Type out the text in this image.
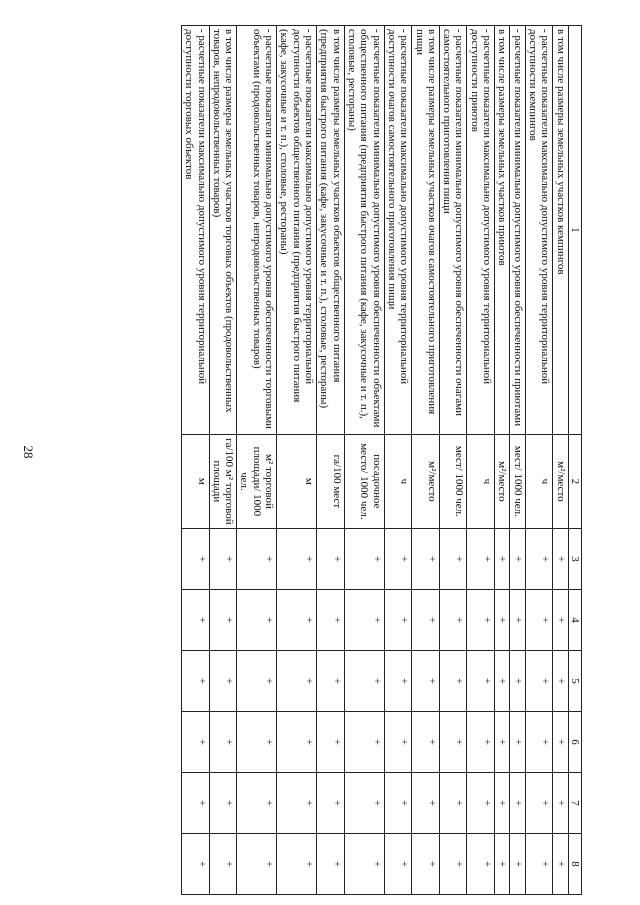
28
1	2	3	4	5	6	7	8
в том числе размеры земельных участков кемпингов	м²/место	+	+	+	+	+	+
- расчетные показатели максимально допустимого уровня территориальной доступности кемпингов	ч	+	+	+	+	+	+
- расчетные показатели минимально допустимого уровня обеспеченности приютами	мест/ 1000 чел.	+	+	+	+	+	+
в том числе размеры земельных участков приютов	м²/место	+	+	+	+	+	+
- расчетные показатели максимально допустимого уровня территориальной доступности приютов	ч	+	+	+	+	+	+
- расчетные показатели минимально допустимого уровня обеспеченности очагами самостоятельного приготовления пищи	мест/ 1000 чел.	+	+	+	+	+	+
в том числе размеры земельных участков очагов самостоятельного приготовления пищи	м²/место	+	+	+	+	+	+
- расчетные показатели максимально допустимого уровня территориальной доступности очагов самостоятельного приготовления пищи	ч	+	+	+	+	+	+
- расчетные показатели минимально допустимого уровня обеспеченности объектами общественного питания (предприятия быстрого питания (кафе, закусочные и т. п.), столовые, рестораны)	посадочное место/ 1000 чел.	+	+	+	+	+	+
в том числе размеры земельных участков объектов общественного питания (предприятия быстрого питания (кафе, закусочные и т. п.), столовые, рестораны)	га/100 мест	+	+	+	+	+	+
- расчетные показатели максимально допустимого уровня территориальной доступности объектов общественного питания (предприятия быстрого питания (кафе, закусочные и т. п.), столовые, рестораны)	м	+	+	+	+	+	+
- расчетные показатели минимально допустимого уровня обеспеченности торговыми объектами (продовольственных товаров, непродовольственных товаров)	м² торговой площади/ 1000 чел.	+	+	+	+	+	+
в том числе размеры земельных участков торговых объектов (продовольственных товаров, непродовольственных товаров)	га/100 м² торговой площади	+	+	+	+	+	+
- расчетные показатели максимально допустимого уровня территориальной доступности торговых объектов	м	+	+	+	+	+	+
